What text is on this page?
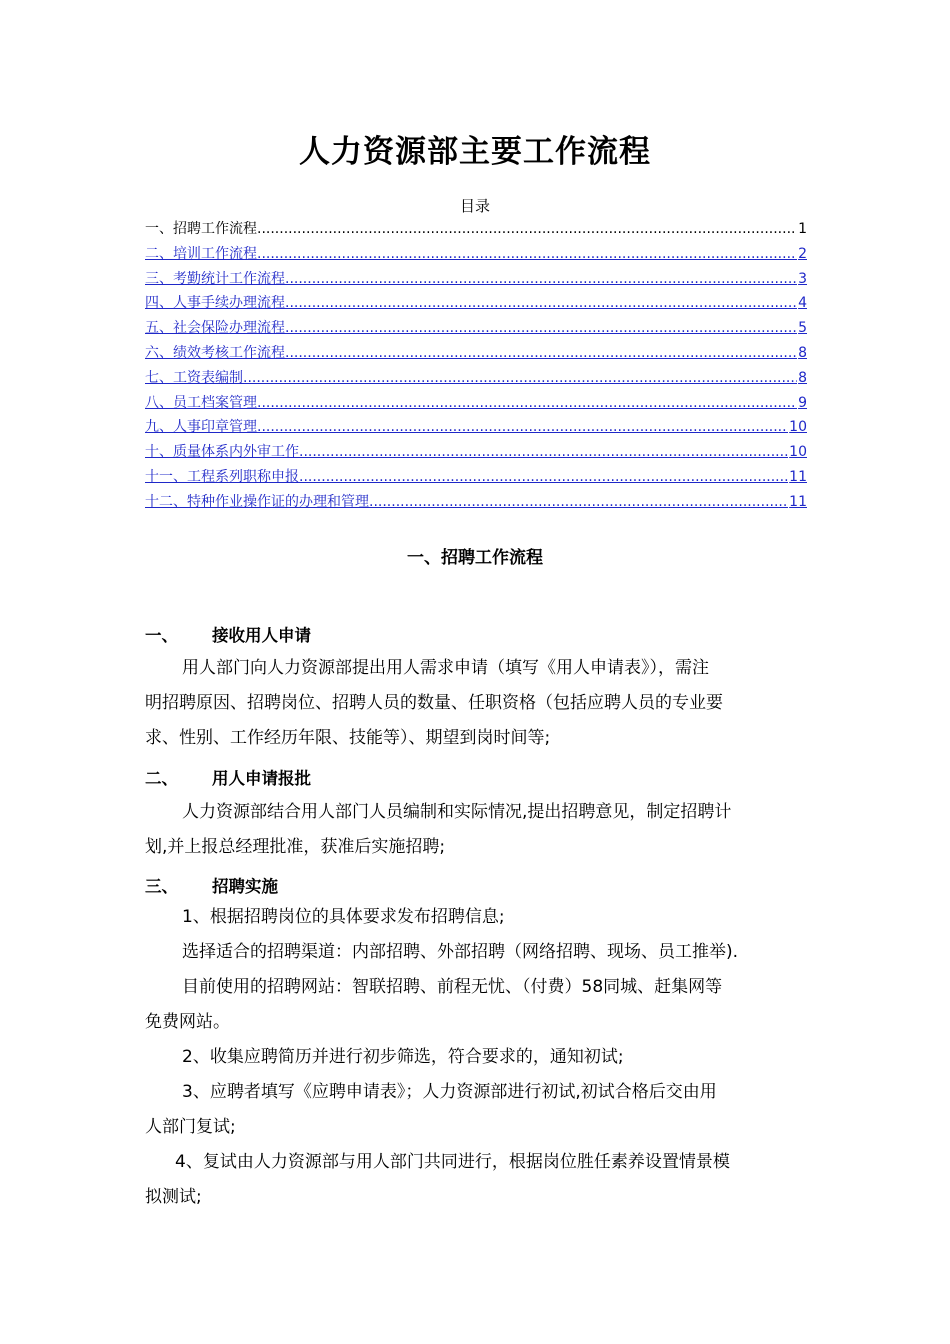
人力资源部主要工作流程
目录
一、招聘工作流程 .....	1
二、培训工作流程 .....	2
三、考勤统计工作流程 .....	3
四、人事手续办理流程 .....	4
五、社会保险办理流程 .....	5
六、绩效考核工作流程 .....	8
七、工资表编制 .....	8
八、员工档案管理 .....	9
九、人事印章管理 .....	10
十、质量体系内外审工作 .....	10
十一、工程系列职称申报 .....	11
十二、特种作业操作证的办理和管理 .....	11
一、招聘工作流程
一、 接收用人申请
用人部门向人力资源部提出用人需求申请（填写《用人申请表》），需注
明招聘原因、招聘岗位、招聘人员的数量、任职资格（包括应聘人员的专业要
求、性别、工作经历年限、技能等）、期望到岗时间等;
二、 用人申请报批
人力资源部结合用人部门人员编制和实际情况,提出招聘意见，制定招聘计
划,并上报总经理批准，获准后实施招聘;
三、 招聘实施
1、根据招聘岗位的具体要求发布招聘信息;
选择适合的招聘渠道：内部招聘、外部招聘（网络招聘、现场、员工推举).
目前使用的招聘网站：智联招聘、前程无忧、（付费）58同城、赶集网等
免费网站。
2、收集应聘简历并进行初步筛选，符合要求的，通知初试;
3、应聘者填写《应聘申请表》；人力资源部进行初试,初试合格后交由用
人部门复试;
4、复试由人力资源部与用人部门共同进行，根据岗位胜任素养设置情景模
拟测试;
